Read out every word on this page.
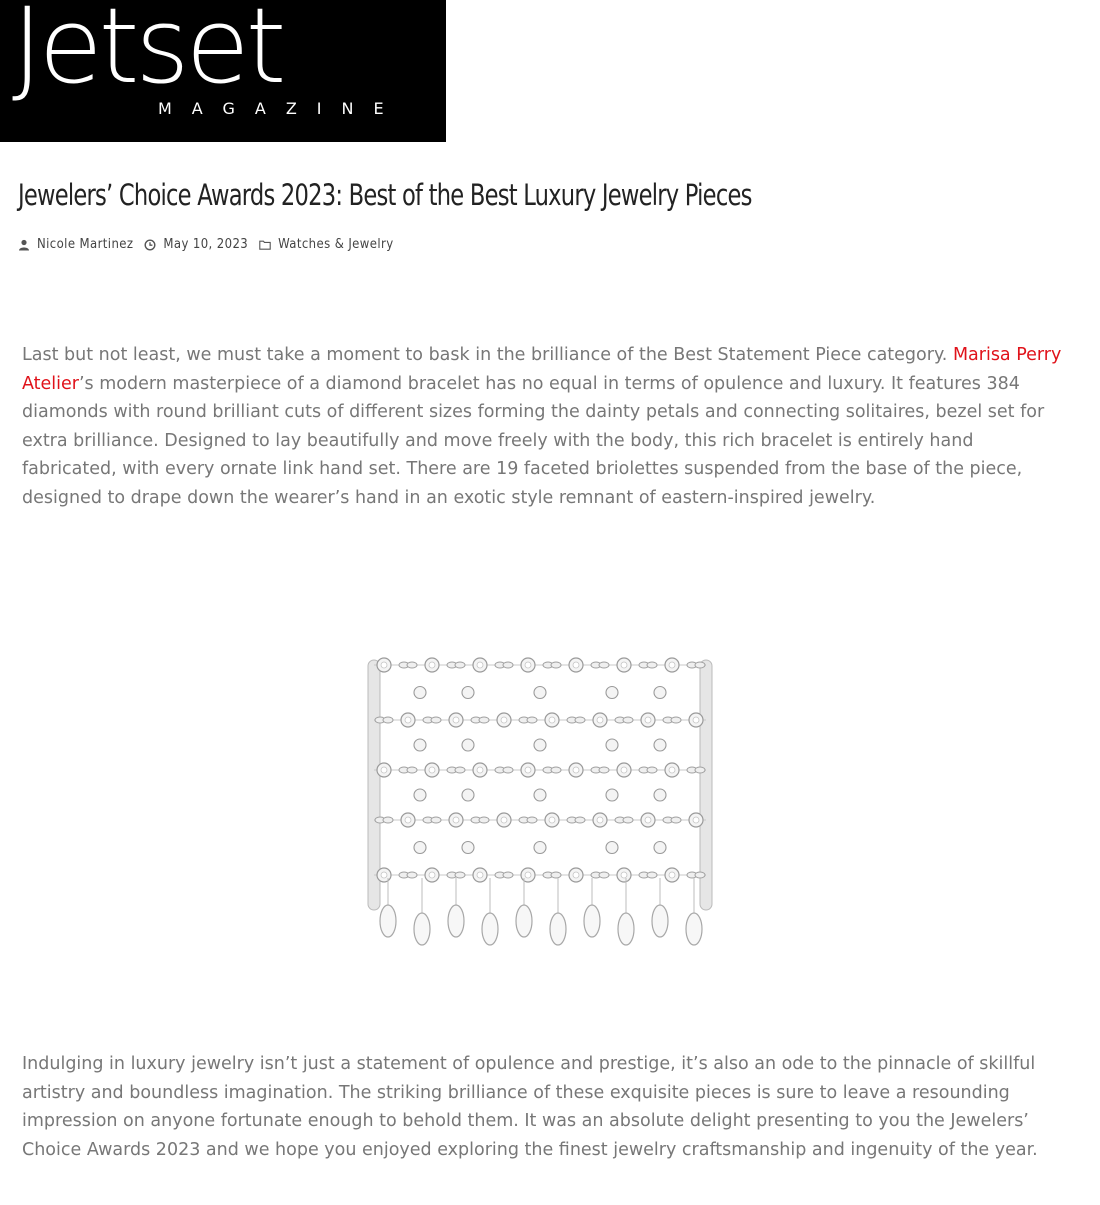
Jetset
MAGAZINE
Jewelers’ Choice Awards 2023: Best of the Best Luxury Jewelry Pieces
Nicole Martinez May 10, 2023 Watches & Jewelry

Last but not least, we must take a moment to bask in the brilliance of the Best Statement Piece category. Marisa Perry Atelier’s modern masterpiece of a diamond bracelet has no equal in terms of opulence and luxury. It features 384 diamonds with round brilliant cuts of different sizes forming the dainty petals and connecting solitaires, bezel set for extra brilliance. Designed to lay beautifully and move freely with the body, this rich bracelet is entirely hand fabricated, with every ornate link hand set. There are 19 faceted briolettes suspended from the base of the piece, designed to drape down the wearer’s hand in an exotic style remnant of eastern-inspired jewelry.

Indulging in luxury jewelry isn’t just a statement of opulence and prestige, it’s also an ode to the pinnacle of skillful artistry and boundless imagination. The striking brilliance of these exquisite pieces is sure to leave a resounding impression on anyone fortunate enough to behold them. It was an absolute delight presenting to you the Jewelers’ Choice Awards 2023 and we hope you enjoyed exploring the finest jewelry craftsmanship and ingenuity of the year.
